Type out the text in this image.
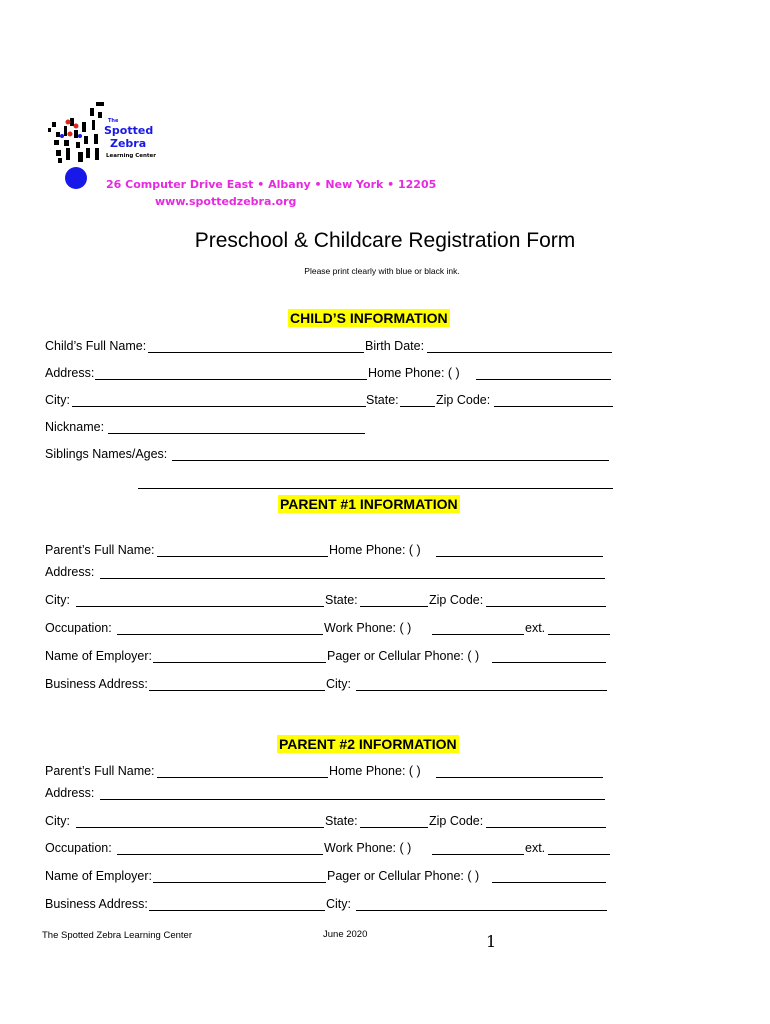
The
Spotted
Zebra
Learning Center
26 Computer Drive East • Albany • New York • 12205
www.spottedzebra.org
Preschool & Childcare Registration Form
Please print clearly with blue or black ink.
CHILD’S INFORMATION
Child’s Full Name:	Birth Date:
Address:	Home Phone: ( )
City:	State:	Zip Code:
Nickname:
Siblings Names/Ages:
PARENT #1 INFORMATION
Parent’s Full Name:	Home Phone: ( )
Address:
City:	State:	Zip Code:
Occupation:	Work Phone: ( )	ext.
Name of Employer:	Pager or Cellular Phone: ( )
Business Address:	City:
PARENT #2 INFORMATION
Parent’s Full Name:	Home Phone: ( )
Address:
City:	State:	Zip Code:
Occupation:	Work Phone: ( )	ext.
Name of Employer:	Pager or Cellular Phone: ( )
Business Address:	City:
The Spotted Zebra Learning Center	June 2020	1
